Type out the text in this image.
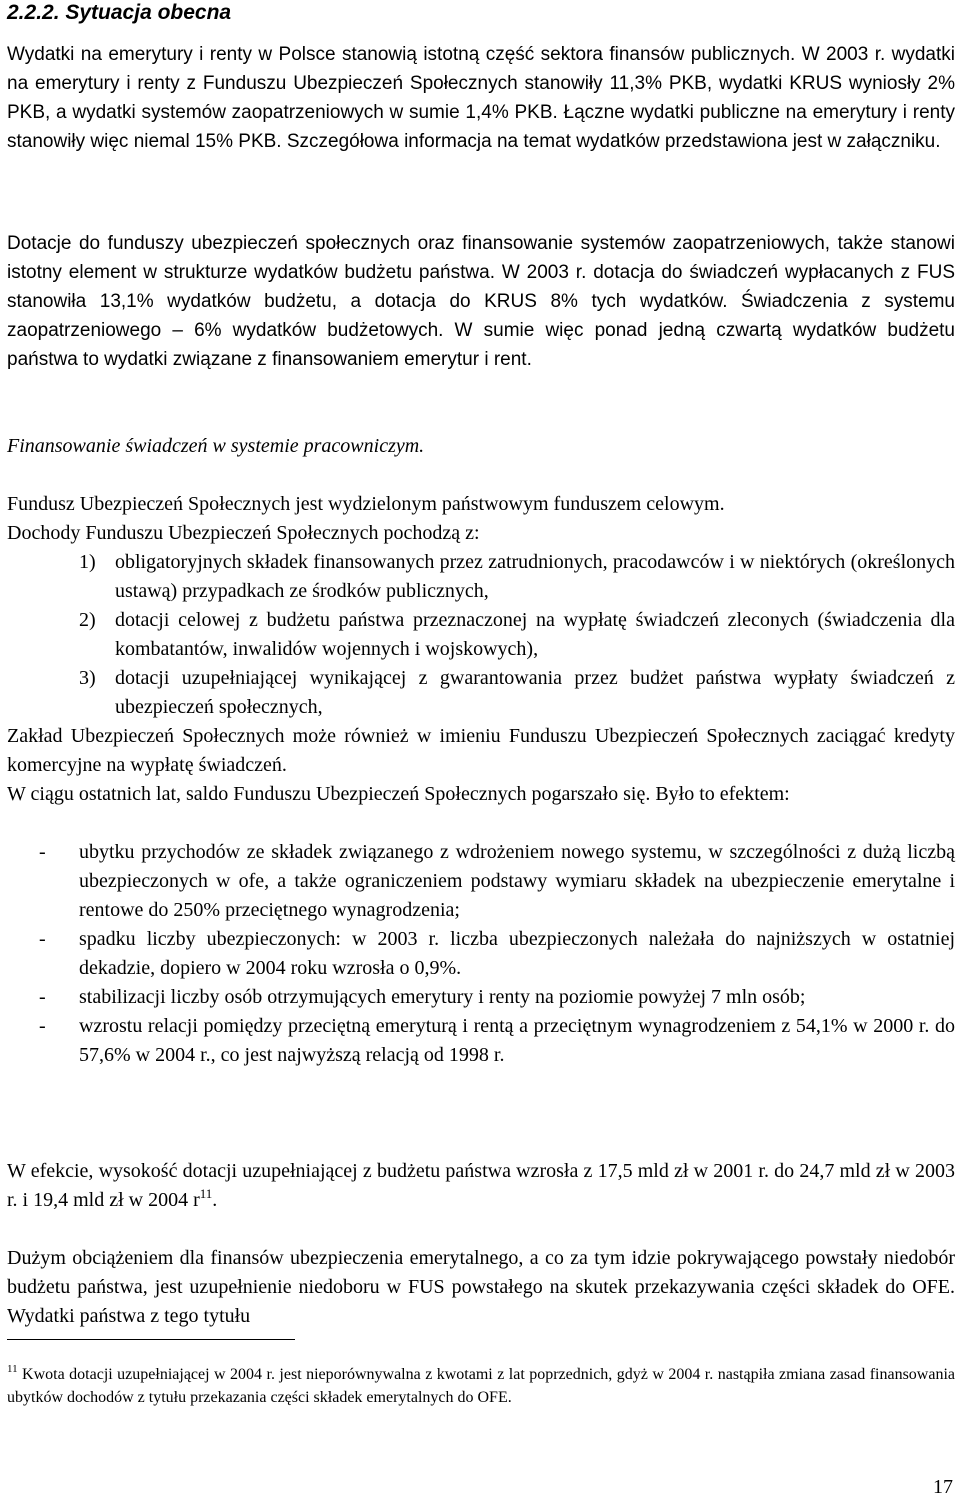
2.2.2. Sytuacja obecna
Wydatki na emerytury i renty w Polsce stanowią istotną część sektora finansów publicznych. W 2003 r. wydatki na emerytury i renty z Funduszu Ubezpieczeń Społecznych stanowiły 11,3% PKB, wydatki KRUS wyniosły 2% PKB, a wydatki systemów zaopatrzeniowych w sumie 1,4% PKB. Łączne wydatki publiczne na emerytury i renty stanowiły więc niemal 15% PKB. Szczegółowa informacja na temat wydatków przedstawiona jest w załączniku.
Dotacje do funduszy ubezpieczeń społecznych oraz finansowanie systemów zaopatrzeniowych, także stanowi istotny element w strukturze wydatków budżetu państwa. W 2003 r. dotacja do świadczeń wypłacanych z FUS stanowiła 13,1% wydatków budżetu, a dotacja do KRUS 8% tych wydatków. Świadczenia z systemu zaopatrzeniowego – 6% wydatków budżetowych. W sumie więc ponad jedną czwartą wydatków budżetu państwa to wydatki związane z finansowaniem emerytur i rent.
Finansowanie świadczeń w systemie pracowniczym.
Fundusz Ubezpieczeń Społecznych jest wydzielonym państwowym funduszem celowym.
Dochody Funduszu Ubezpieczeń Społecznych pochodzą z:
1) obligatoryjnych składek finansowanych przez zatrudnionych, pracodawców i w niektórych (określonych ustawą) przypadkach ze środków publicznych,
2) dotacji celowej z budżetu państwa przeznaczonej na wypłatę świadczeń zleconych (świadczenia dla kombatantów, inwalidów wojennych i wojskowych),
3) dotacji uzupełniającej wynikającej z gwarantowania przez budżet państwa wypłaty świadczeń z ubezpieczeń społecznych,
Zakład Ubezpieczeń Społecznych może również w imieniu Funduszu Ubezpieczeń Społecznych zaciągać kredyty komercyjne na wypłatę świadczeń.
W ciągu ostatnich lat, saldo Funduszu Ubezpieczeń Społecznych pogarszało się. Było to efektem:
- ubytku przychodów ze składek związanego z wdrożeniem nowego systemu, w szczególności z dużą liczbą ubezpieczonych w ofe, a także ograniczeniem podstawy wymiaru składek na ubezpieczenie emerytalne i rentowe do 250% przeciętnego wynagrodzenia;
- spadku liczby ubezpieczonych: w 2003 r. liczba ubezpieczonych należała do najniższych w ostatniej dekadzie, dopiero w 2004 roku wzrosła o 0,9%.
- stabilizacji liczby osób otrzymujących emerytury i renty na poziomie powyżej 7 mln osób;
- wzrostu relacji pomiędzy przeciętną emeryturą i rentą a przeciętnym wynagrodzeniem z 54,1% w 2000 r. do 57,6% w 2004 r., co jest najwyższą relacją od 1998 r.
W efekcie, wysokość dotacji uzupełniającej z budżetu państwa wzrosła z 17,5 mld zł w 2001 r. do 24,7 mld zł w 2003 r. i 19,4 mld zł w 2004 $r^{11}$.
Dużym obciążeniem dla finansów ubezpieczenia emerytalnego, a co za tym idzie pokrywającego powstały niedobór budżetu państwa, jest uzupełnienie niedoboru w FUS powstałego na skutek przekazywania części składek do OFE. Wydatki państwa z tego tytułu
$^{11}$ Kwota dotacji uzupełniającej w 2004 r. jest nieporównywalna z kwotami z lat poprzednich, gdyż w 2004 r. nastąpiła zmiana zasad finansowania ubytków dochodów z tytułu przekazania części składek emerytalnych do OFE.
17
